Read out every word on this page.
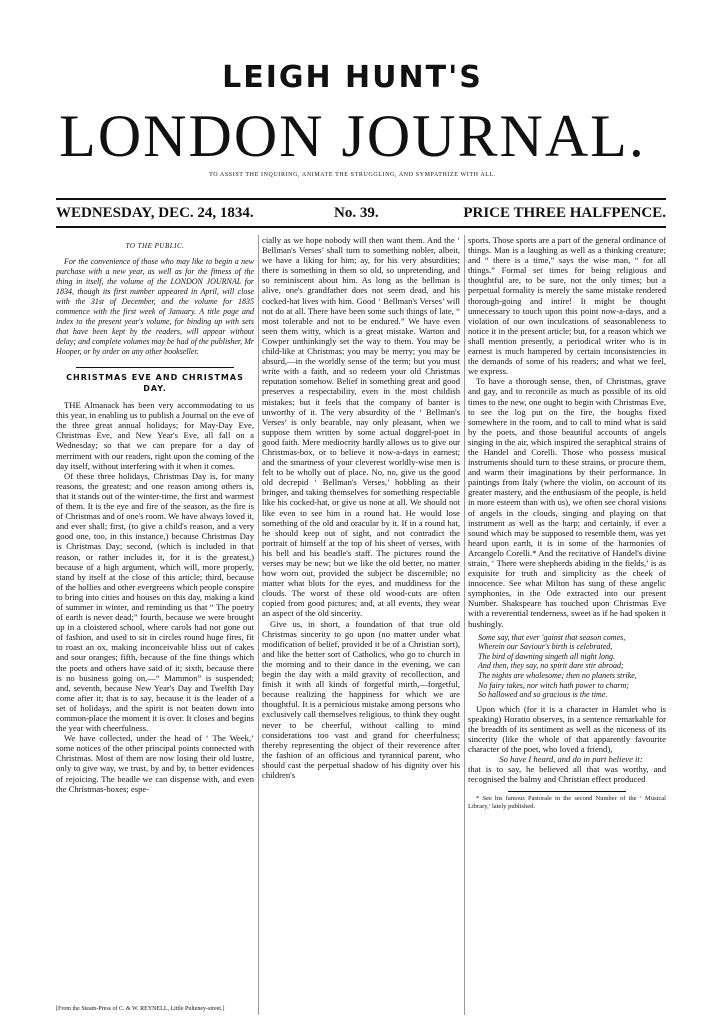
LEIGH HUNT'S
LONDON JOURNAL.
TO ASSIST THE INQUIRING, ANIMATE THE STRUGGLING, AND SYMPATHIZE WITH ALL.
WEDNESDAY, DEC. 24, 1834.	No. 39.	PRICE THREE HALFPENCE.
TO THE PUBLIC.

For the convenience of those who may like to begin a new purchase with a new year, as well as for the fitness of the thing in itself, the volume of the LONDON JOURNAL for 1834, though its first number appeared in April, will close with the 31st of December, and the volume for 1835 commence with the first week of January. A title page and index to the present year's volume, for binding up with sets that have been kept by the readers, will appear without delay; and complete volumes may be had of the publisher, Mr Hooper, or by order on any other bookseller.

CHRISTMAS EVE AND CHRISTMAS DAY.

THE Almanack has been very accommodating to us this year, in enabling us to publish a Journal on the eve of the three great annual holidays; for May-Day Eve, Christmas Eve, and New Year's Eve, all fall on a Wednesday; so that we can prepare for a day of merriment with our readers, right upon the coming of the day itself, without interfering with it when it comes.

Of these three holidays, Christmas Day is, for many reasons, the greatest; and one reason among others is, that it stands out of the winter-time, the first and warmest of them. It is the eye and fire of the season, as the fire is of Christmas and of one's room. We have always loved it, and ever shall; first, (to give a child's reason, and a very good one, too, in this instance,) because Christmas Day is Christmas Day; second, (which is included in that reason, or rather includes it, for it is the greatest,) because of a high argument, which will, more properly, stand by itself at the close of this article; third, because of the hollies and other evergreens which people conspire to bring into cities and houses on this day, making a kind of summer in winter, and reminding us that “ The poetry of earth is never dead;” fourth, because we were brought up in a cloistered school, where carols had not gone out of fashion, and used to sit in circles round huge fires, fit to roast an ox, making inconceivable bliss out of cakes and sour oranges; fifth, because of the fine things which the poets and others have said of it; sixth, because there is no business going on,—“ Mammon” is suspended; and, seventh, because New Year's Day and Twelfth Day come after it; that is to say, because it is the leader of a set of holidays, and the spirit is not beaten down into common-place the moment it is over. It closes and begins the year with cheerfulness.

We have collected, under the head of ‘ The Week,’ some notices of the other principal points connected with Christmas. Most of them are now losing their old lustre, only to give way, we trust, by and by, to better evidences of rejoicing. The beadle we can dispense with, and even the Christmas-boxes; espe-

cially as we hope nobody will then want them. And the ‘ Bellman's Verses’ shall turn to something nobler, albeit, we have a liking for him; ay, for his very absurdities; there is something in them so old, so unpretending, and so reminiscent about him. As long as the bellman is alive, one's grandfather does not seem dead, and his cocked-hat lives with him. Good ‘ Bellman's Verses’ will not do at all. There have been some such things of late, “ most tolerable and not to be endured.” We have even seen them witty, which is a great mistake. Warton and Cowper unthinkingly set the way to them. You may be child-like at Christmas; you may be merry; you may be absurd,—in the worldly sense of the term; but you must write with a faith, and so redeem your old Christmas reputation somehow. Belief in something great and good preserves a respectability, even in the most childish mistakes; but it feels that the company of banter is unworthy of it. The very absurdity of the ‘ Bellman's Verses’ is only bearable, nay only pleasant, when we suppose them written by some actual doggrel-poet in good faith. Mere mediocrity hardly allows us to give our Christmas-box, or to believe it now-a-days in earnest; and the smartness of your cleverest worldly-wise men is felt to be wholly out of place. No, no, give us the good old decrepid ‘ Bellman's Verses,’ hobbling as their bringer, and taking themselves for something respectable like his cocked-hat, or give us none at all. We should not like even to see him in a round hat. He would lose something of the old and oracular by it. If in a round hat, he should keep out of sight, and not contradict the portrait of himself at the top of his sheet of verses, with his bell and his beadle's staff. The pictures round the verses may be new; but we like the old better, no matter how worn out, provided the subject be discernible; no matter what blots for the eyes, and muddiness for the clouds. The worst of these old wood-cuts are often copied from good pictures; and, at all events, they wear an aspect of the old sincerity.

Give us, in short, a foundation of that true old Christmas sincerity to go upon (no matter under what modification of belief, provided it be of a Christian sort), and like the better sort of Catholics, who go to church in the morning and to their dance in the evening, we can begin the day with a mild gravity of recollection, and finish it with all kinds of forgetful mirth,—forgetful, because realizing the happiness for which we are thoughtful. It is a pernicious mistake among persons who exclusively call themselves religious, to think they ought never to be cheerful, without calling to mind considerations too vast and grand for cheerfulness; thereby representing the object of their reverence after the fashion of an officious and tyrannical parent, who should cast the perpetual shadow of his dignity over his children's

sports. Those sports are a part of the general ordinance of things. Man is a laughing as well as a thinking creature; and “ there is a time,” says the wise man, “ for all things.” Formal set times for being religious and thoughtful are, to be sure, not the only times; but a perpetual formality is merely the same mistake rendered thorough-going and intire! It might be thought unnecessary to touch upon this point now-a-days, and a violation of our own inculcations of seasonableness to notice it in the present article; but, for a reason which we shall mention presently, a periodical writer who is in earnest is much hampered by certain inconsistencies in the demands of some of his readers; and what we feel, we express.

To have a thorough sense, then, of Christmas, grave and gay, and to reconcile as much as possible of its old times to the new, one ought to begin with Christmas Eve, to see the log put on the fire, the boughs fixed somewhere in the room, and to call to mind what is said by the poets, and those beautiful accounts of angels singing in the air, which inspired the seraphical strains of the Handel and Corelli. Those who possess musical instruments should turn to these strains, or procure them, and warm their imaginations by their performance. In paintings from Italy (where the violin, on account of its greater mastery, and the enthusiasm of the people, is held in more esteem than with us), we often see choral visions of angels in the clouds, singing and playing on that instrument as well as the harp; and certainly, if ever a sound which may be supposed to resemble them, was yet heard upon earth, it is in some of the harmonies of Arcangelo Corelli.* And the recitative of Handel's divine strain, ‘ There were shepherds abiding in the fields,’ is as exquisite for truth and simplicity as the cheek of innocence. See what Milton has sung of these angelic symphonies, in the Ode extracted into our present Number. Shakspeare has touched upon Christmas Eve with a reverential tenderness, sweet as if he had spoken it hushingly.

Some say, that ever 'gainst that season comes,
Wherein our Saviour's birth is celebrated,
The bird of dawning singeth all night long.
And then, they say, no spirit dare stir abroad;
The nights are wholesome; then no planets strike,
No fairy takes, nor witch hath power to charm;
So hallowed and so gracious is the time.

Upon which (for it is a character in Hamlet who is speaking) Horatio observes, in a sentence remarkable for the breadth of its sentiment as well as the niceness of its sincerity (like the whole of that apparently favourite character of the poet, who loved a friend),

So have I heard, and do in part believe it:

that is to say, he believed all that was worthy, and recognised the balmy and Christian effect produced

* See his famous Pastorale in the second Number of the ‘ Musical Library,’ lately published.

[From the Steam-Press of C. & W. REYNELL, Little Pulteney-street.]
